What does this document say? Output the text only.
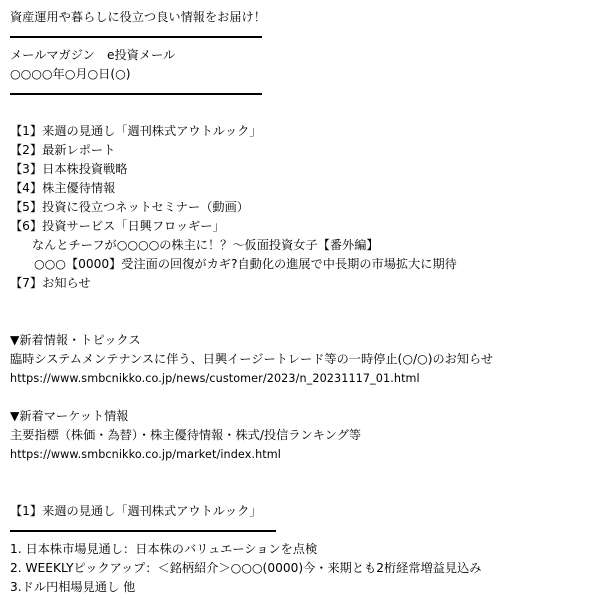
資産運用や暮らしに役立つ良い情報をお届け！
メールマガジン　e投資メール
○○○○年○月○日(○)
【1】来週の見通し「週刊株式アウトルック」
【2】最新レポート
【3】日本株投資戦略
【4】株主優待情報
【5】投資に役立つネットセミナー（動画）
【6】投資サービス「日興フロッギー」
なんとチーフが○○○○の株主に！？～仮面投資女子【番外編】
○○○【0000】受注面の回復がカギ?自動化の進展で中長期の市場拡大に期待
【7】お知らせ
▼新着情報・トピックス
臨時システムメンテナンスに伴う、日興イージートレード等の一時停止(○/○)のお知らせ
https://www.smbcnikko.co.jp/news/customer/2023/n_20231117_01.html
▼新着マーケット情報
主要指標（株価・為替）・株主優待情報・株式/投信ランキング等
https://www.smbcnikko.co.jp/market/index.html
【1】来週の見通し「週刊株式アウトルック」
1. 日本株市場見通し：日本株のバリュエーションを点検
2. WEEKLYピックアップ：＜銘柄紹介＞○○○(0000)今・来期とも2桁経常増益見込み
3.ドル円相場見通し 他
